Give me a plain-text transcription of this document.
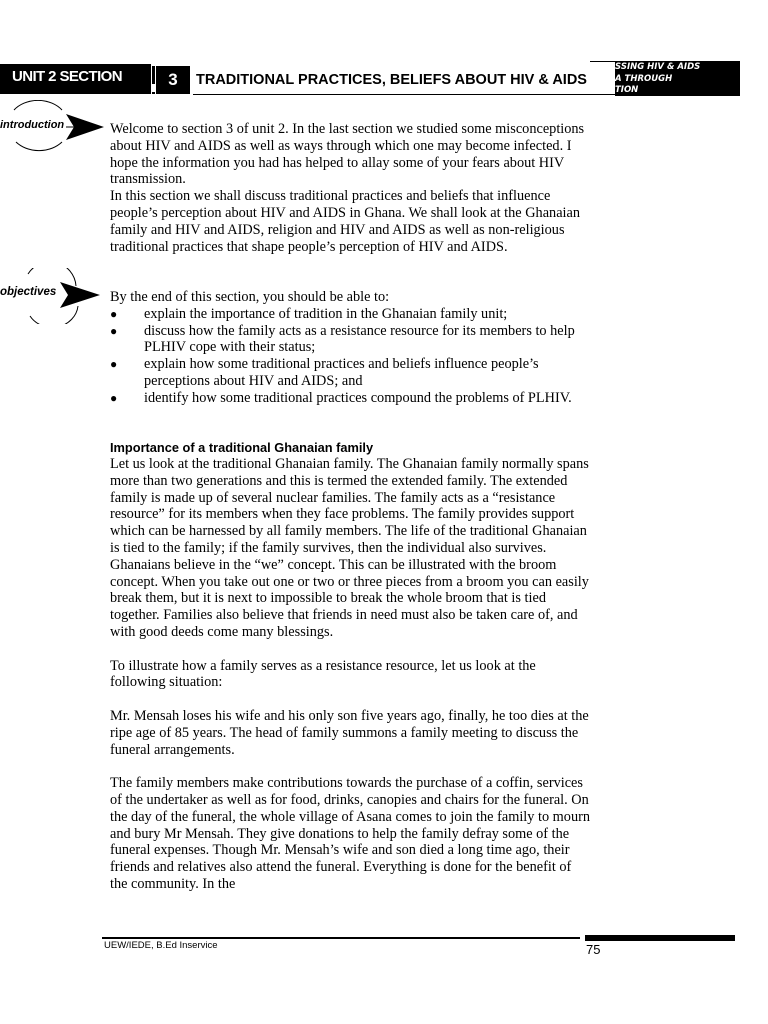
UNIT 2 SECTION	3	TRADITIONAL PRACTICES, BELIEFS ABOUT HIV & AIDS
SSING HIV & AIDS
A THROUGH
TION
introduction
objectives

Welcome to section 3 of unit 2. In the last section we studied some misconceptions about HIV and AIDS as well as ways through which one may become infected. I hope the information you had has helped to allay some of your fears about HIV transmission.

In this section we shall discuss traditional practices and beliefs that influence people’s perception about HIV and AIDS in Ghana. We shall look at the Ghanaian family and HIV and AIDS, religion and HIV and AIDS as well as non-religious traditional practices that shape people’s perception of HIV and AIDS.

By the end of this section, you should be able to:

● explain the importance of tradition in the Ghanaian family unit;
● discuss how the family acts as a resistance resource for its members to help PLHIV cope with their status;
● explain how some traditional practices and beliefs influence people’s perceptions about HIV and AIDS; and
● identify how some traditional practices compound the problems of PLHIV.
Importance of a traditional Ghanaian family

Let us look at the traditional Ghanaian family. The Ghanaian family normally spans more than two generations and this is termed the extended family. The extended family is made up of several nuclear families. The family acts as a “resistance resource” for its members when they face problems. The family provides support which can be harnessed by all family members. The life of the traditional Ghanaian is tied to the family; if the family survives, then the individual also survives. Ghanaians believe in the “we” concept. This can be illustrated with the broom concept. When you take out one or two or three pieces from a broom you can easily break them, but it is next to impossible to break the whole broom that is tied together. Families also believe that friends in need must also be taken care of, and with good deeds come many blessings.

To illustrate how a family serves as a resistance resource, let us look at the following situation:

Mr. Mensah loses his wife and his only son five years ago, finally, he too dies at the ripe age of 85 years. The head of family summons a family meeting to discuss the funeral arrangements.

The family members make contributions towards the purchase of a coffin, services of the undertaker as well as for food, drinks, canopies and chairs for the funeral. On the day of the funeral, the whole village of Asana comes to join the family to mourn and bury Mr Mensah. They give donations to help the family defray some of the funeral expenses. Though Mr. Mensah’s wife and son died a long time ago, their friends and relatives also attend the funeral. Everything is done for the benefit of the community. In the

UEW/IEDE, B.Ed Inservice	75
